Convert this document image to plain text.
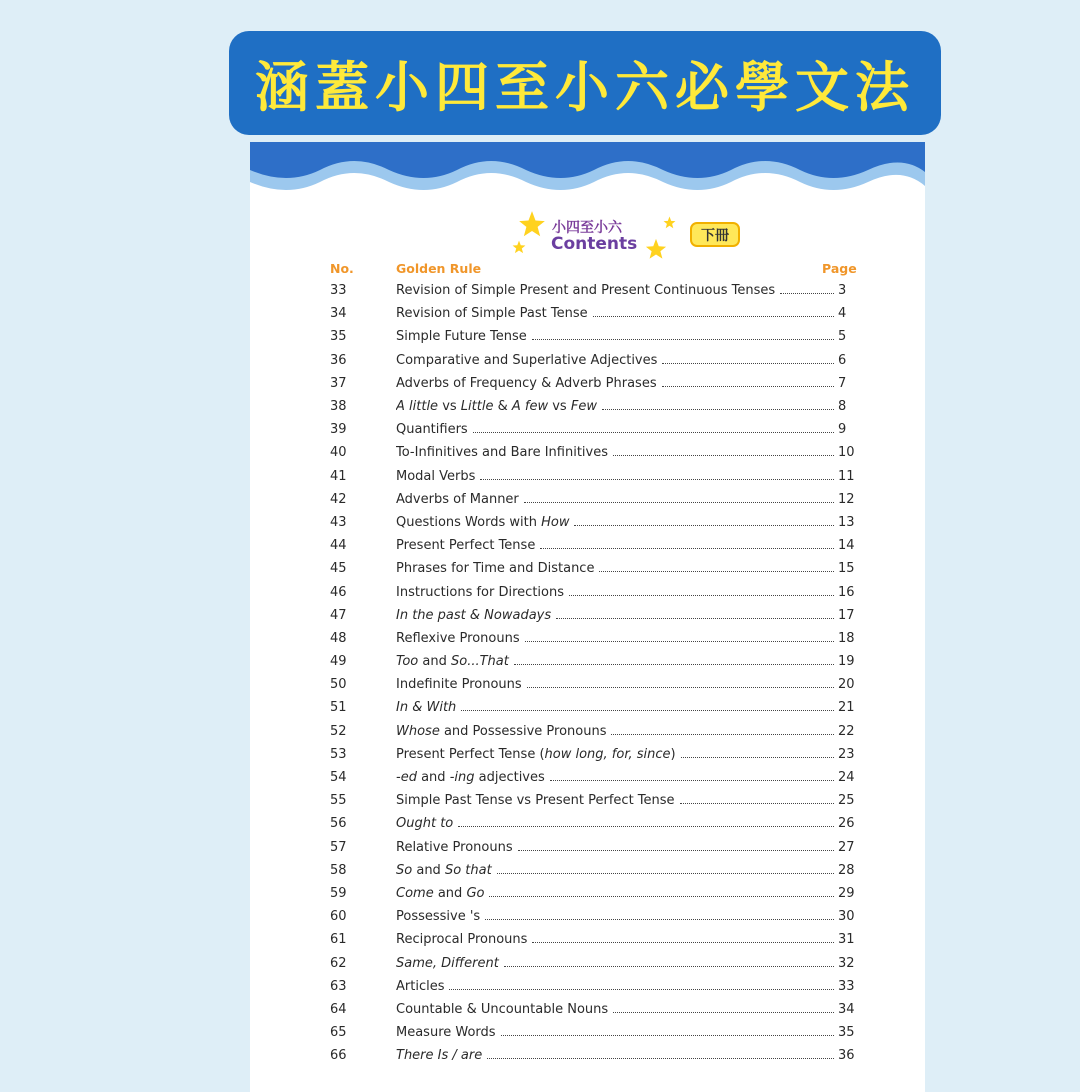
涵蓋小四至小六必學文法
小四至小六
Contents	下冊
No.	Golden Rule	Page
33	Revision of Simple Present and Present Continuous Tenses	3
34	Revision of Simple Past Tense	4
35	Simple Future Tense	5
36	Comparative and Superlative Adjectives	6
37	Adverbs of Frequency & Adverb Phrases	7
38	A little vs Little & A few vs Few	8
39	Quantifiers	9
40	To-Infinitives and Bare Infinitives	10
41	Modal Verbs	11
42	Adverbs of Manner	12
43	Questions Words with How	13
44	Present Perfect Tense	14
45	Phrases for Time and Distance	15
46	Instructions for Directions	16
47	In the past & Nowadays	17
48	Reflexive Pronouns	18
49	Too and So...That	19
50	Indefinite Pronouns	20
51	In & With	21
52	Whose and Possessive Pronouns	22
53	Present Perfect Tense (how long, for, since)	23
54	-ed and -ing adjectives	24
55	Simple Past Tense vs Present Perfect Tense	25
56	Ought to	26
57	Relative Pronouns	27
58	So and So that	28
59	Come and Go	29
60	Possessive 's	30
61	Reciprocal Pronouns	31
62	Same, Different	32
63	Articles	33
64	Countable & Uncountable Nouns	34
65	Measure Words	35
66	There Is / are	36
